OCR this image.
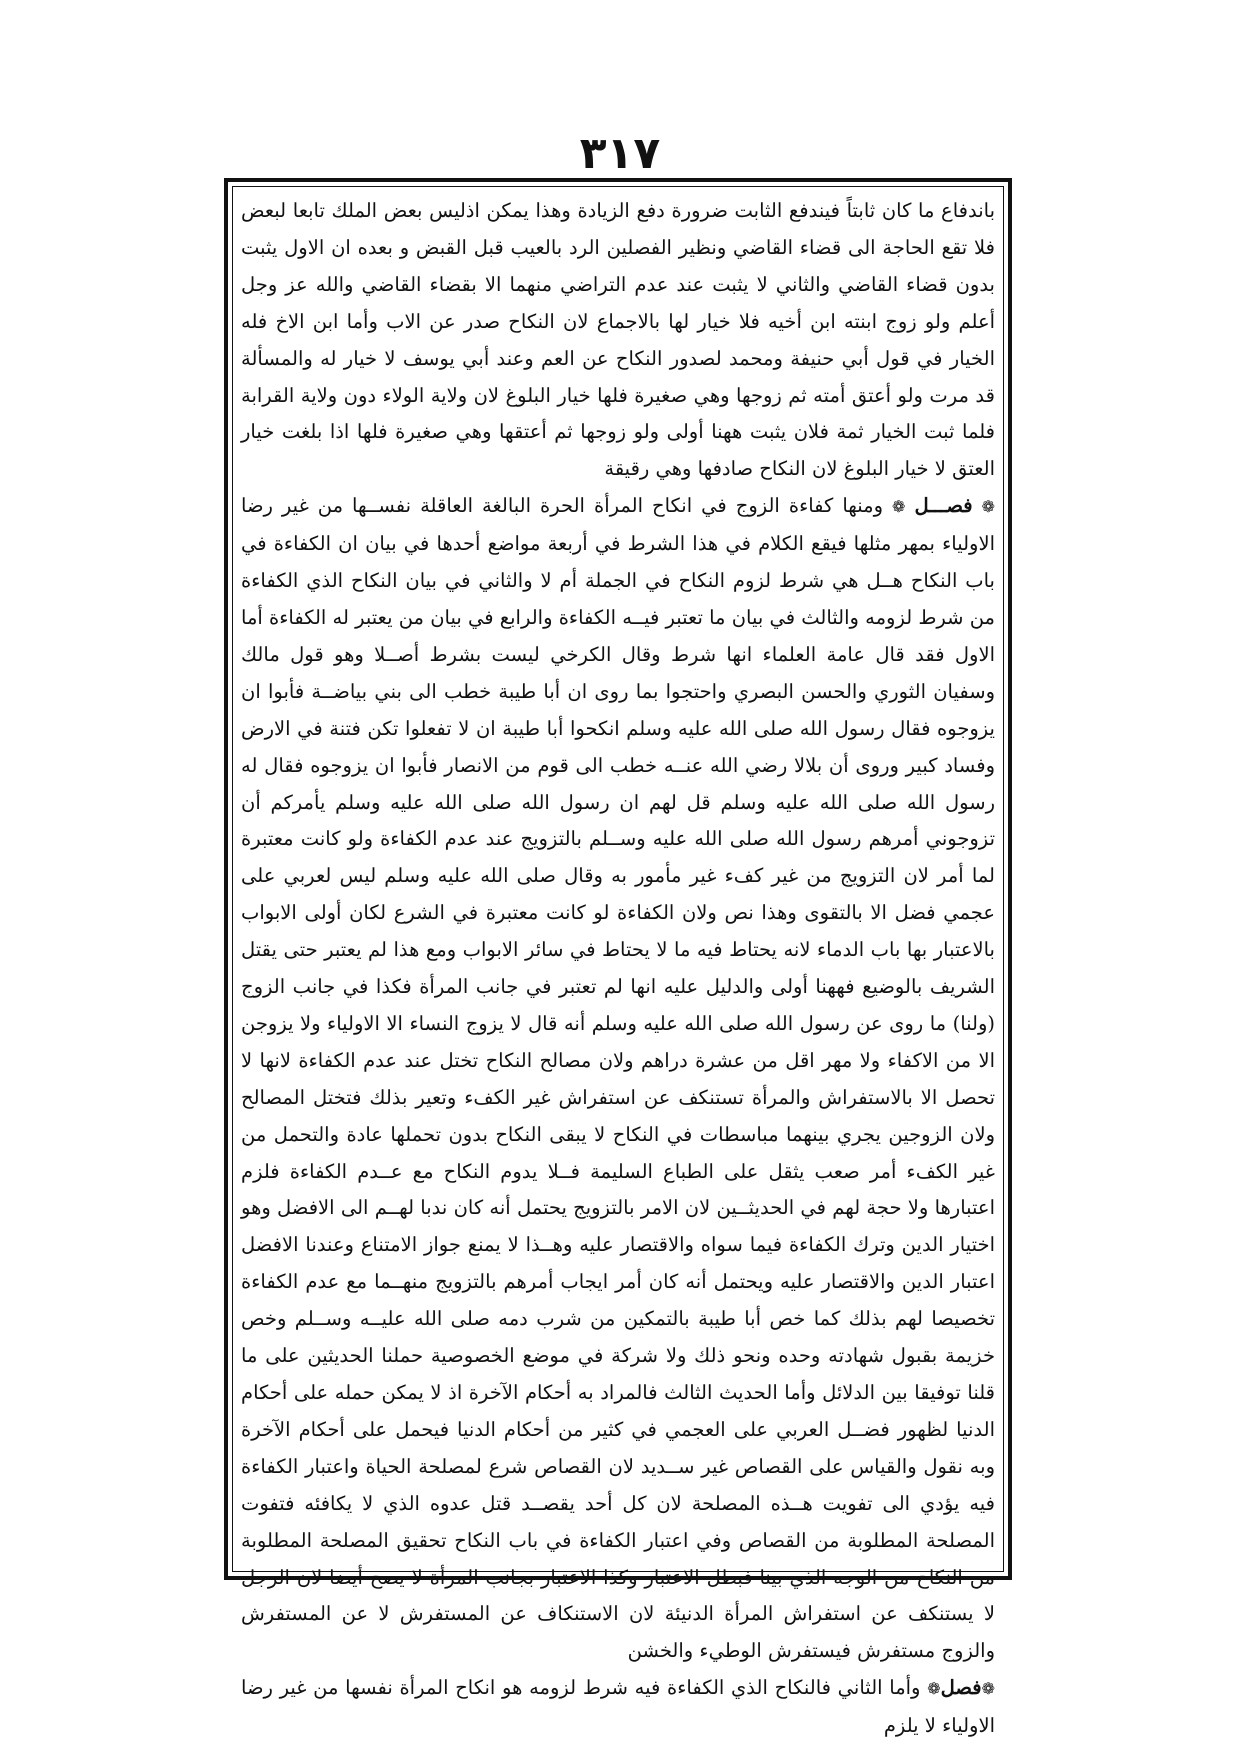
٣١٧

باندفاع ما كان ثابتاً فيندفع الثابت ضرورة دفع الزيادة وهذا يمكن اذليس بعض الملك تابعا لبعض فلا تقع الحاجة الى قضاء القاضي ونظير الفصلين الرد بالعيب قبل القبض و بعده ان الاول يثبت بدون قضاء القاضي والثاني لا يثبت عند عدم التراضي منهما الا بقضاء القاضي والله عز وجل أعلم ولو زوج ابنته ابن أخيه فلا خيار لها بالاجماع لان النكاح صدر عن الاب وأما ابن الاخ فله الخيار في قول أبي حنيفة ومحمد لصدور النكاح عن العم وعند أبي يوسف لا خيار له والمسألة قد مرت ولو أعتق أمته ثم زوجها وهي صغيرة فلها خيار البلوغ لان ولاية الولاء دون ولاية القرابة فلما ثبت الخيار ثمة فلان يثبت ههنا أولى ولو زوجها ثم أعتقها وهي صغيرة فلها اذا بلغت خيار العتق لا خيار البلوغ لان النكاح صادفها وهي رقيقة

❁ فصـــل ❁ ومنها كفاءة الزوج في انكاح المرأة الحرة البالغة العاقلة نفســها من غير رضا الاولياء بمهر مثلها فيقع الكلام في هذا الشرط في أربعة مواضع أحدها في بيان ان الكفاءة في باب النكاح هــل هي شرط لزوم النكاح في الجملة أم لا والثاني في بيان النكاح الذي الكفاءة من شرط لزومه والثالث في بيان ما تعتبر فيــه الكفاءة والرابع في بيان من يعتبر له الكفاءة أما الاول فقد قال عامة العلماء انها شرط وقال الكرخي ليست بشرط أصــلا وهو قول مالك وسفيان الثوري والحسن البصري واحتجوا بما روى ان أبا طيبة خطب الى بني بياضــة فأبوا ان يزوجوه فقال رسول الله صلى الله عليه وسلم انكحوا أبا طيبة ان لا تفعلوا تكن فتنة في الارض وفساد كبير وروى أن بلالا رضي الله عنــه خطب الى قوم من الانصار فأبوا ان يزوجوه فقال له رسول الله صلى الله عليه وسلم قل لهم ان رسول الله صلى الله عليه وسلم يأمركم أن تزوجوني أمرهم رسول الله صلى الله عليه وســلم بالتزويج عند عدم الكفاءة ولو كانت معتبرة لما أمر لان التزويج من غير كفء غير مأمور به وقال صلى الله عليه وسلم ليس لعربي على عجمي فضل الا بالتقوى وهذا نص ولان الكفاءة لو كانت معتبرة في الشرع لكان أولى الابواب بالاعتبار بها باب الدماء لانه يحتاط فيه ما لا يحتاط في سائر الابواب ومع هذا لم يعتبر حتى يقتل الشريف بالوضيع فههنا أولى والدليل عليه انها لم تعتبر في جانب المرأة فكذا في جانب الزوج (ولنا) ما روى عن رسول الله صلى الله عليه وسلم أنه قال لا يزوج النساء الا الاولياء ولا يزوجن الا من الاكفاء ولا مهر اقل من عشرة دراهم ولان مصالح النكاح تختل عند عدم الكفاءة لانها لا تحصل الا بالاستفراش والمرأة تستنكف عن استفراش غير الكفء وتعير بذلك فتختل المصالح ولان الزوجين يجري بينهما مباسطات في النكاح لا يبقى النكاح بدون تحملها عادة والتحمل من غير الكفء أمر صعب يثقل على الطباع السليمة فــلا يدوم النكاح مع عــدم الكفاءة فلزم اعتبارها ولا حجة لهم في الحديثــين لان الامر بالتزويج يحتمل أنه كان ندبا لهــم الى الافضل وهو اختيار الدين وترك الكفاءة فيما سواه والاقتصار عليه وهــذا لا يمنع جواز الامتناع وعندنا الافضل اعتبار الدين والاقتصار عليه ويحتمل أنه كان أمر ايجاب أمرهم بالتزويج منهــما مع عدم الكفاءة تخصيصا لهم بذلك كما خص أبا طيبة بالتمكين من شرب دمه صلى الله عليــه وســلم وخص خزيمة بقبول شهادته وحده ونحو ذلك ولا شركة في موضع الخصوصية حملنا الحديثين على ما قلنا توفيقا بين الدلائل وأما الحديث الثالث فالمراد به أحكام الآخرة اذ لا يمكن حمله على أحكام الدنيا لظهور فضــل العربي على العجمي في كثير من أحكام الدنيا فيحمل على أحكام الآخرة وبه نقول والقياس على القصاص غير ســديد لان القصاص شرع لمصلحة الحياة واعتبار الكفاءة فيه يؤدي الى تفويت هــذه المصلحة لان كل أحد يقصــد قتل عدوه الذي لا يكافئه فتفوت المصلحة المطلوبة من القصاص وفي اعتبار الكفاءة في باب النكاح تحقيق المصلحة المطلوبة من النكاح من الوجه الذي بينا فبطل الاعتبار وكذا الاعتبار بجانب المرأة لا يصح أيضا لان الرجل لا يستنكف عن استفراش المرأة الدنيئة لان الاستنكاف عن المستفرش لا عن المستفرش والزوج مستفرش فيستفرش الوطيء والخشن

❁فصل❁ وأما الثاني فالنكاح الذي الكفاءة فيه شرط لزومه هو انكاح المرأة نفسها من غير رضا الاولياء لا يلزم
